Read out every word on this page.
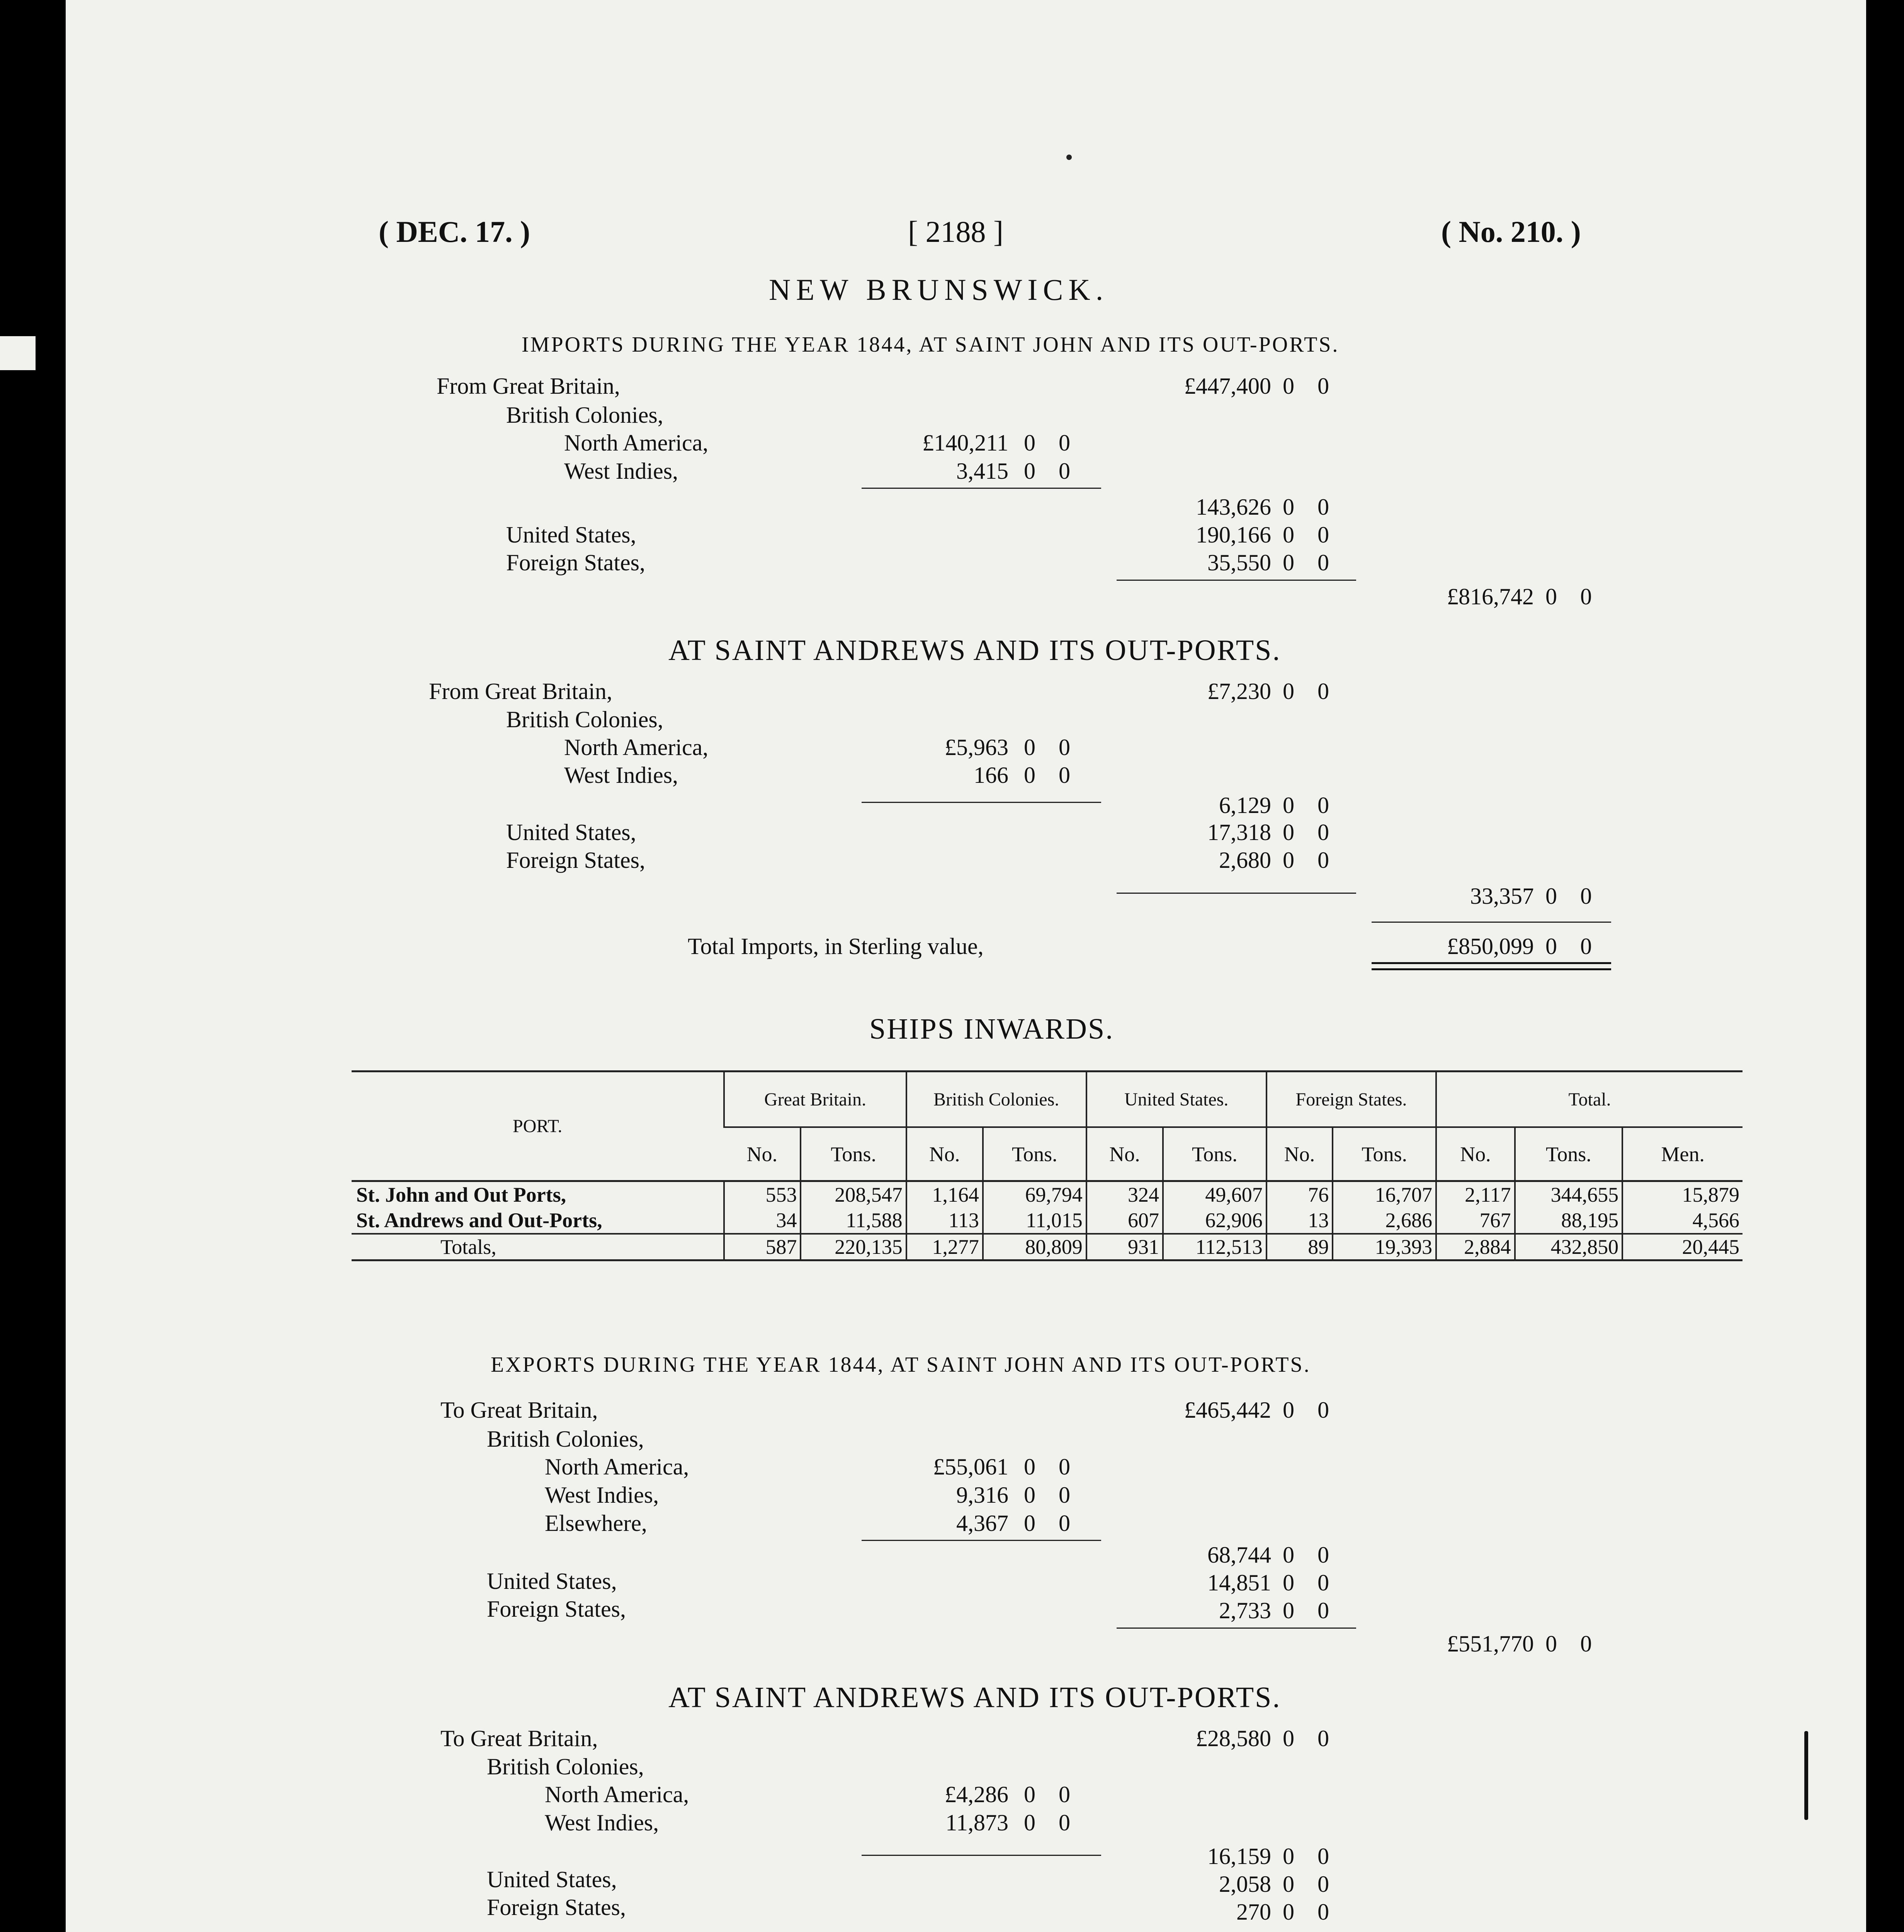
( DEC. 17. )	[ 2188 ]	( No. 210. )
NEW BRUNSWICK.
IMPORTS DURING THE YEAR 1844, AT SAINT JOHN AND ITS OUT-PORTS.
From Great Britain,	£447,400 0 0
British Colonies,
North America,	£140,211 0 0
West Indies,	3,415 0 0
143,626 0 0
United States,	190,166 0 0
Foreign States,	35,550 0 0
£816,742 0 0
AT SAINT ANDREWS AND ITS OUT-PORTS.
From Great Britain,	£7,230 0 0
British Colonies,
North America,	£5,963 0 0
West Indies,	166 0 0
6,129 0 0
United States,	17,318 0 0
Foreign States,	2,680 0 0
33,357 0 0
Total Imports, in Sterling value,	£850,099 0 0
SHIPS INWARDS.
PORT.	Great Britain.		British Colonies.		United States.		Foreign States.		Total.		
	No.	Tons.	No.	Tons.	No.	Tons.	No.	Tons.	No.	Tons.	Men.
St. John and Out Ports,	553	208,547	1,164	69,794	324	49,607	76	16,707	2,117	344,655	15,879
St. Andrews and Out-Ports,	34	11,588	113	11,015	607	62,906	13	2,686	767	88,195	4,566
Totals,	587	220,135	1,277	80,809	931	112,513	89	19,393	2,884	432,850	20,445
EXPORTS DURING THE YEAR 1844, AT SAINT JOHN AND ITS OUT-PORTS.
To Great Britain,	£465,442 0 0
British Colonies,
North America,	£55,061 0 0
West Indies,	9,316 0 0
Elsewhere,	4,367 0 0
68,744 0 0
United States,	14,851 0 0
Foreign States,	2,733 0 0
£551,770 0 0
AT SAINT ANDREWS AND ITS OUT-PORTS.
To Great Britain,	£28,580 0 0
British Colonies,
North America,	£4,286 0 0
West Indies,	11,873 0 0
16,159 0 0
United States,	2,058 0 0
Foreign States,	270 0 0
